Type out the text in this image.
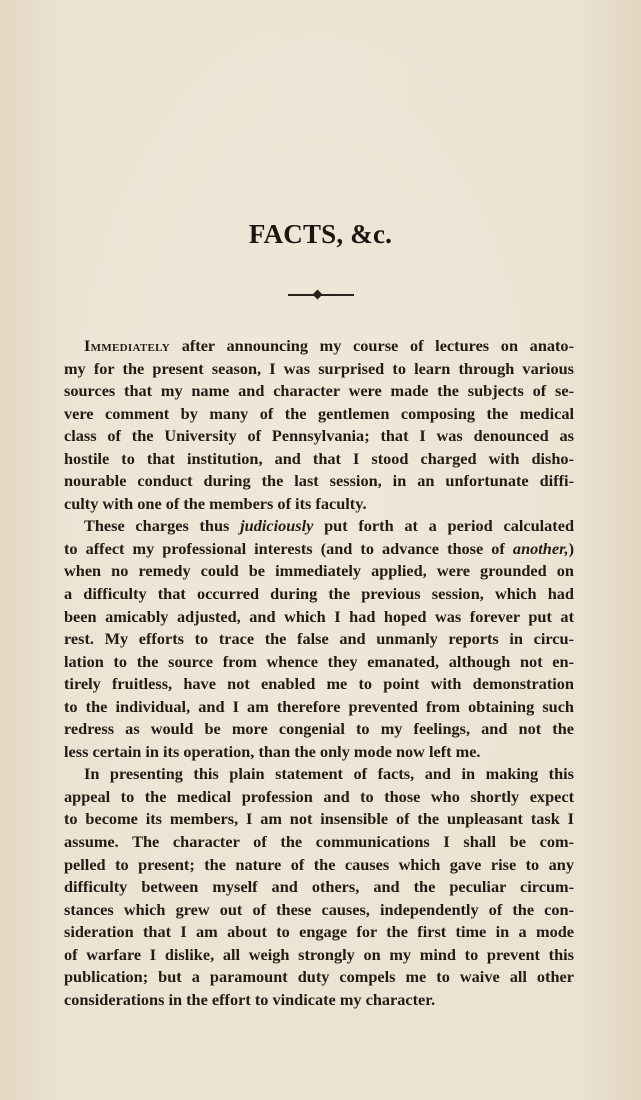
FACTS, &c.
Immediately after announcing my course of lectures on anato-
my for the present season, I was surprised to learn through various
sources that my name and character were made the subjects of se-
vere comment by many of the gentlemen composing the medical
class of the University of Pennsylvania; that I was denounced as
hostile to that institution, and that I stood charged with disho-
nourable conduct during the last session, in an unfortunate diffi-
culty with one of the members of its faculty.
These charges thus judiciously put forth at a period calculated
to affect my professional interests (and to advance those of another,)
when no remedy could be immediately applied, were grounded on
a difficulty that occurred during the previous session, which had
been amicably adjusted, and which I had hoped was forever put at
rest. My efforts to trace the false and unmanly reports in circu-
lation to the source from whence they emanated, although not en-
tirely fruitless, have not enabled me to point with demonstration
to the individual, and I am therefore prevented from obtaining such
redress as would be more congenial to my feelings, and not the
less certain in its operation, than the only mode now left me.
In presenting this plain statement of facts, and in making this
appeal to the medical profession and to those who shortly expect
to become its members, I am not insensible of the unpleasant task I
assume. The character of the communications I shall be com-
pelled to present; the nature of the causes which gave rise to any
difficulty between myself and others, and the peculiar circum-
stances which grew out of these causes, independently of the con-
sideration that I am about to engage for the first time in a mode
of warfare I dislike, all weigh strongly on my mind to prevent this
publication; but a paramount duty compels me to waive all other
considerations in the effort to vindicate my character.
